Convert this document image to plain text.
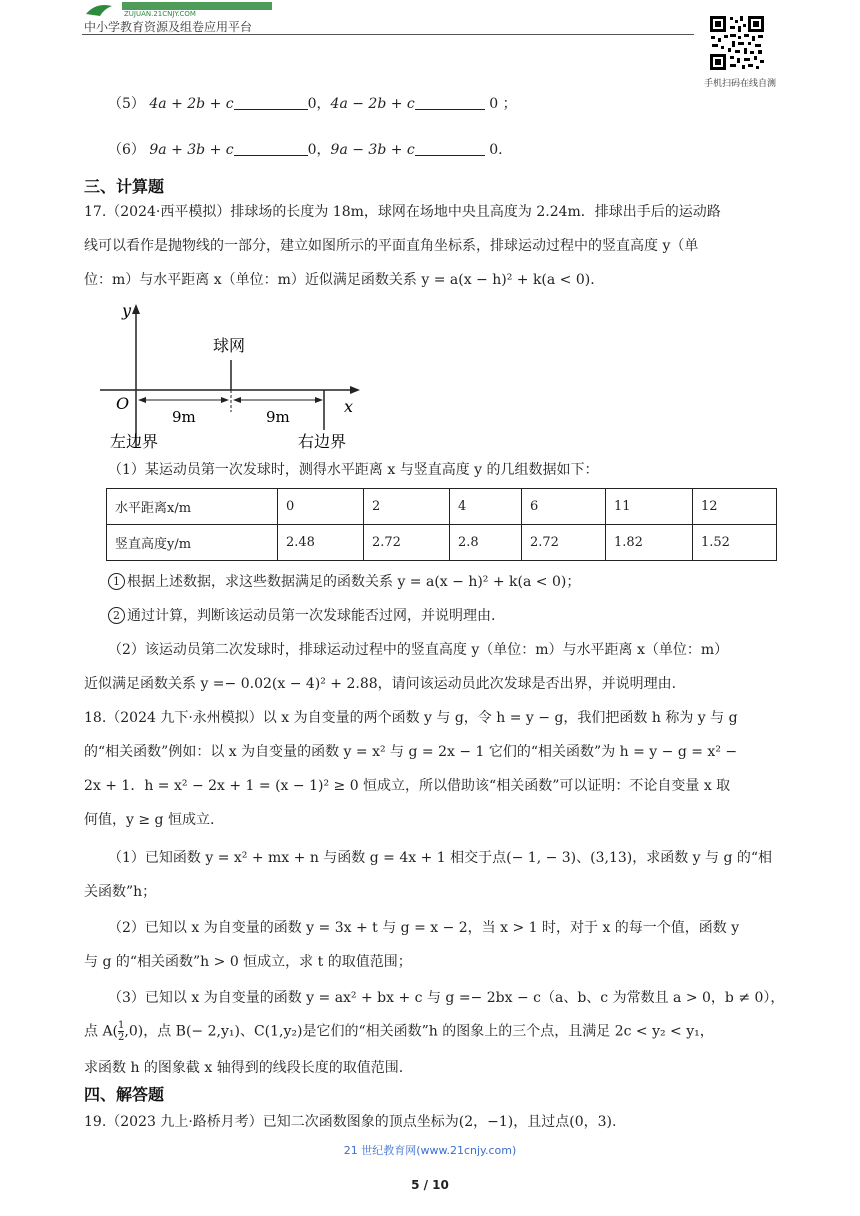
ZUJUAN.21CNJY.COM
中小学教育资源及组卷应用平台
手机扫码在线自测
（5） 4a + 2b + c	0，4a − 2b + c	0 ；
（6） 9a + 3b + c	0，9a − 3b + c	0.
三、计算题
17.（2024·西平模拟）排球场的长度为 18m，球网在场地中央且高度为 2.24m．排球出手后的运动路
线可以看作是抛物线的一部分，建立如图所示的平面直角坐标系，排球运动过程中的竖直高度 y（单
位：m）与水平距离 x（单位：m）近似满足函数关系 y = a(x − h)² + k(a < 0).
y
x
O
球网
9m	9m
左边界	右边界
（1）某运动员第一次发球时，测得水平距离 x 与竖直高度 y 的几组数据如下：
水平距离x/m	0	2	4	6	11	12
竖直高度y/m	2.48	2.72	2.8	2.72	1.82	1.52
1 根据上述数据，求这些数据满足的函数关系 y = a(x − h)² + k(a < 0)；
2 通过计算，判断该运动员第一次发球能否过网，并说明理由.
（2）该运动员第二次发球时，排球运动过程中的竖直高度 y（单位：m）与水平距离 x（单位：m）
近似满足函数关系 y =− 0.02(x − 4)² + 2.88，请问该运动员此次发球是否出界，并说明理由.
18.（2024 九下·永州模拟）以 x 为自变量的两个函数 y 与 g，令 h = y − g，我们把函数 h 称为 y 与 g
的“相关函数”例如：以 x 为自变量的函数 y = x² 与 g = 2x − 1 它们的“相关函数”为 h = y − g = x² −
2x + 1．h = x² − 2x + 1 = (x − 1)² ≥ 0 恒成立，所以借助该“相关函数”可以证明：不论自变量 x 取
何值，y ≥ g 恒成立.
（1）已知函数 y = x² + mx + n 与函数 g = 4x + 1 相交于点(− 1, − 3)、(3,13)，求函数 y 与 g 的“相
关函数”h；
（2）已知以 x 为自变量的函数 y = 3x + t 与 g = x − 2，当 x > 1 时，对于 x 的每一个值，函数 y
与 g 的“相关函数”h > 0 恒成立，求 t 的取值范围；
（3）已知以 x 为自变量的函数 y = ax² + bx + c 与 g =− 2bx − c（a、b、c 为常数且 a > 0，b ≠ 0），
点 $A( \frac{1}{2} ,0)$，点 B(− 2,y₁)、C(1,y₂)是它们的“相关函数”h 的图象上的三个点，且满足 2c < y₂ < y₁，
求函数 h 的图象截 x 轴得到的线段长度的取值范围.
四、解答题
19.（2023 九上·路桥月考）已知二次函数图象的顶点坐标为(2，−1)，且过点(0，3).
21 世纪教育网(www.21cnjy.com)
5 / 10
